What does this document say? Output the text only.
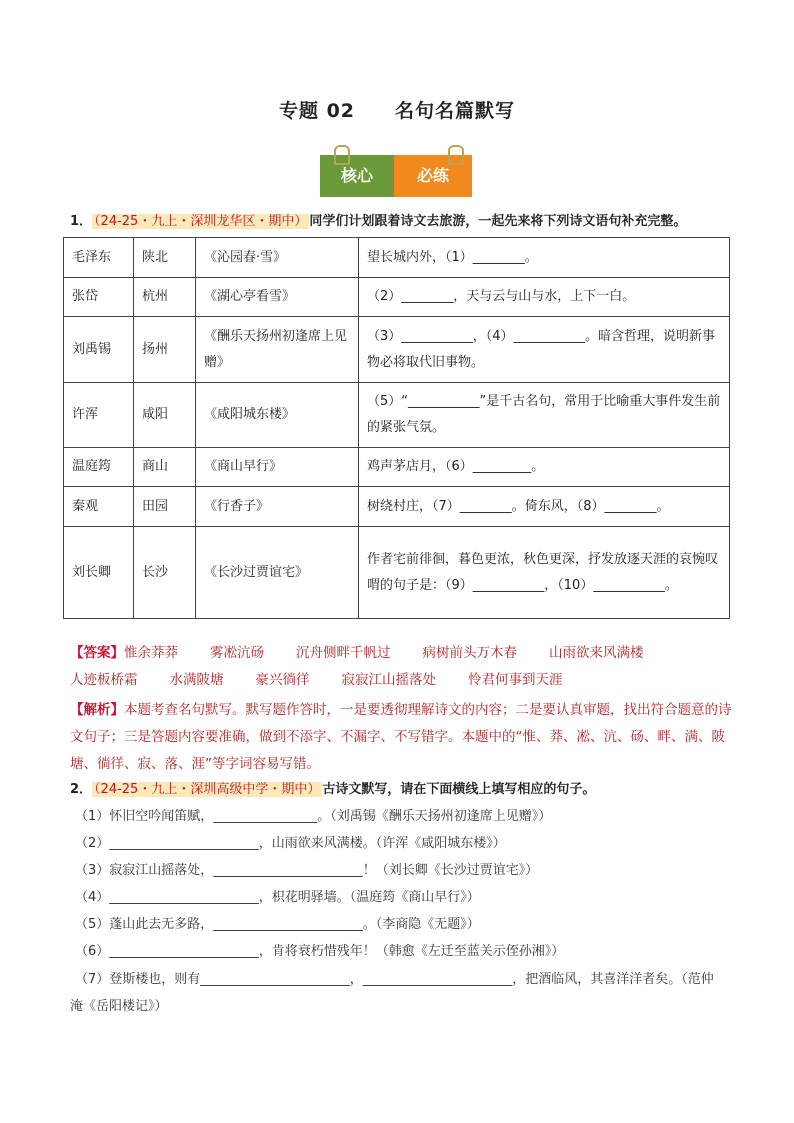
专题 02 名句名篇默写
核心	必练
1． （24-25・九上・深圳龙华区・期中） 同学们计划跟着诗文去旅游，一起先来将下列诗文语句补充完整。
毛泽东	陕北	《沁园春·雪》	望长城内外，（1）________。
张岱	杭州	《湖心亭看雪》	（2）________，天与云与山与水，上下一白。
刘禹锡	扬州	《酬乐天扬州初逢席上见赠》	（3）___________，（4）___________。暗含哲理，说明新事物必将取代旧事物。
许浑	咸阳	《咸阳城东楼》	（5）“___________”是千古名句，常用于比喻重大事件发生前的紧张气氛。
温庭筠	商山	《商山早行》	鸡声茅店月，（6）_________。
秦观	田园	《行香子》	树绕村庄，（7）________。倚东风，（8）________。
刘长卿	长沙	《长沙过贾谊宅》	作者宅前徘徊，暮色更浓，秋色更深，抒发放逐天涯的哀惋叹喟的句子是：（9）___________，（10）___________。
【答案】惟余莽莽 雾凇沆砀 沉舟侧畔千帆过 病树前头万木春 山雨欲来风满楼
人迹板桥霜 水满陂塘 豪兴徜徉 寂寂江山摇落处 怜君何事到天涯
【解析】本题考查名句默写。默写题作答时，一是要透彻理解诗文的内容；二是要认真审题，找出符合题意的诗文句子；三是答题内容要准确，做到不添字、不漏字、不写错字。本题中的“惟、莽、凇、沆、砀、畔、满、陂塘、徜徉、寂、落、涯”等字词容易写错。
2． （24-25・九上・深圳高级中学・期中） 古诗文默写，请在下面横线上填写相应的句子。
（1）怀旧空吟闻笛赋，________________。（刘禹锡《酬乐天扬州初逢席上见赠》）
（2）_______________________，山雨欲来风满楼。（许浑《咸阳城东楼》）
（3）寂寂江山摇落处，_______________________！（刘长卿《长沙过贾谊宅》）
（4）_______________________，枳花明驿墙。（温庭筠《商山早行》）
（5）蓬山此去无多路，_______________________。（李商隐《无题》）
（6）_______________________，肯将衰朽惜残年！（韩愈《左迁至蓝关示侄孙湘》）
（7）登斯楼也，则有_______________________，_______________________，把酒临风，其喜洋洋者矣。（范仲
淹《岳阳楼记》）
